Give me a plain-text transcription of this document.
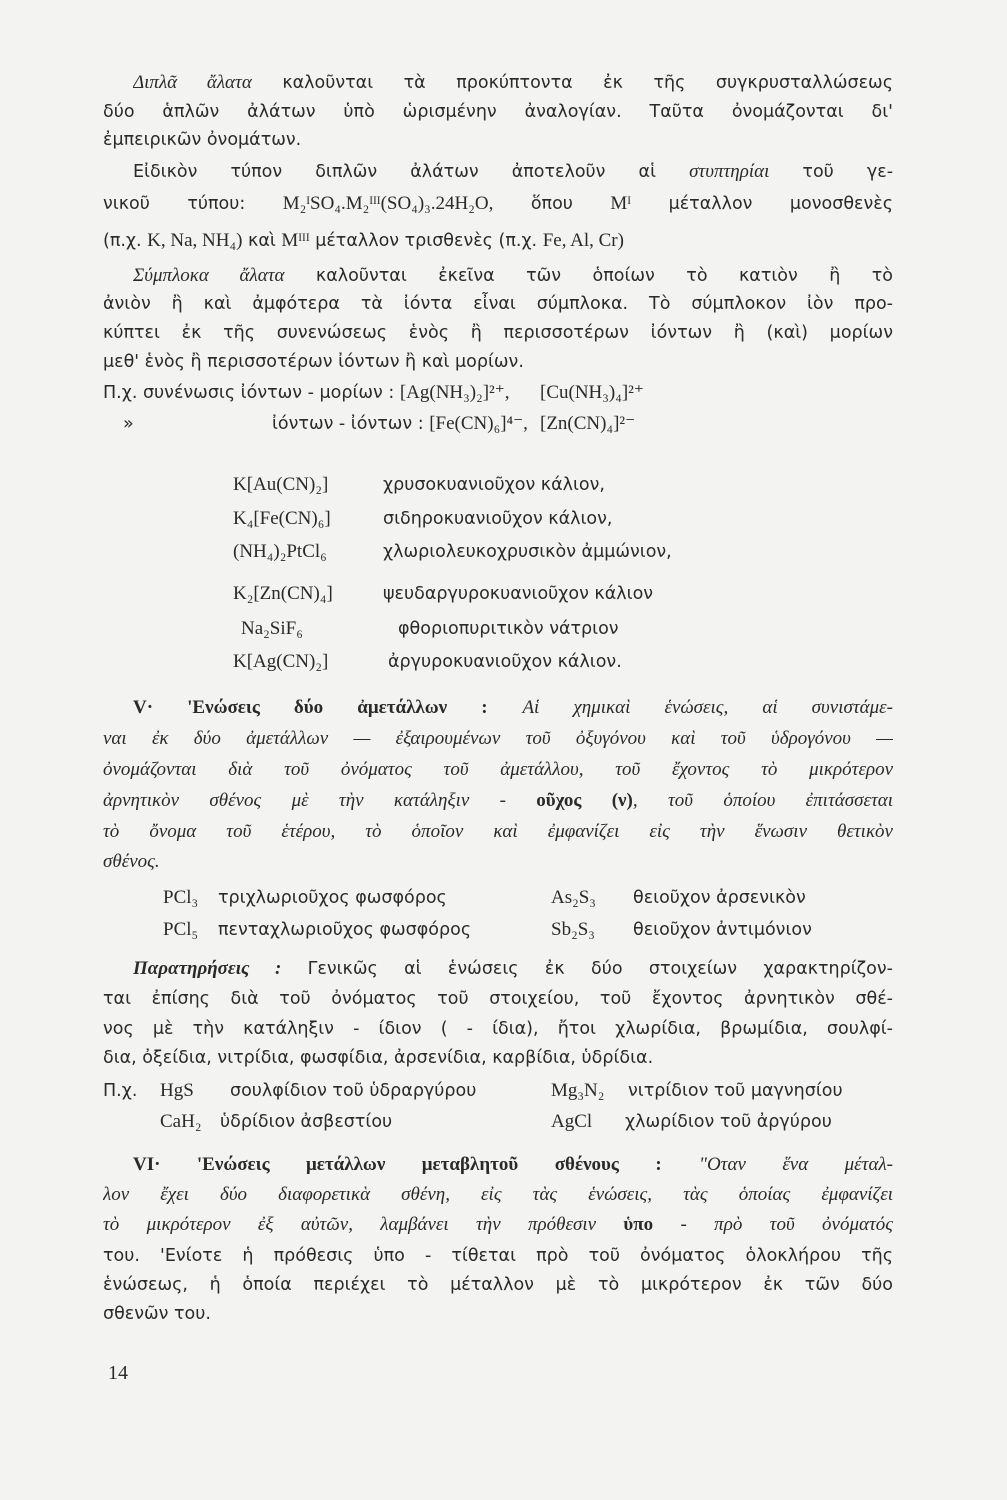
Διπλᾶ ἄλατα καλοῦνται τὰ προκύπτοντα ἐκ τῆς συγκρυσταλλώσεως
δύο ἁπλῶν ἀλάτων ὑπὸ ὡρισμένην ἀναλογίαν. Ταῦτα ὀνομάζονται δι'
ἐμπειρικῶν ὀνομάτων.
Εἰδικὸν τύπον διπλῶν ἀλάτων ἀποτελοῦν αἱ στυπτηρίαι τοῦ γε-
νικοῦ τύπου: M₂ᴵSO₄.M₂ᴵᴵᴵ(SO₄)₃.24H₂O, ὅπου Mᴵ μέταλλον μονοσθενὲς
(π.χ. K, Na, NH₄) καὶ Mᴵᴵᴵ μέταλλον τρισθενὲς (π.χ. Fe, Al, Cr)
Σύμπλοκα ἄλατα καλοῦνται ἐκεῖνα τῶν ὁποίων τὸ κατιὸν ἢ τὸ
ἀνιὸν ἢ καὶ ἀμφότερα τὰ ἰόντα εἶναι σύμπλοκα. Τὸ σύμπλοκον ἰὸν προ-
κύπτει ἐκ τῆς συνενώσεως ἑνὸς ἢ περισσοτέρων ἰόντων ἢ (καὶ) μορίων
μεθ' ἑνὸς ἢ περισσοτέρων ἰόντων ἢ καὶ μορίων.
Π.χ. συνένωσις ἰόντων - μορίων : [Ag(NH₃)₂]²⁺, [Cu(NH₃)₄]²⁺
»	ἰόντων - ἰόντων : [Fe(CN)₆]⁴⁻, [Zn(CN)₄]²⁻
K[Au(CN)₂]	χρυσοκυανιοῦχον κάλιον,
K₄[Fe(CN)₆]	σιδηροκυανιοῦχον κάλιον,
(NH₄)₂PtCl₆	χλωριολευκοχρυσικὸν ἀμμώνιον,
K₂[Zn(CN)₄]	ψευδαργυροκυανιοῦχον κάλιον
Na₂SiF₆	φθοριοπυριτικὸν νάτριον
K[Ag(CN)₂]	ἀργυροκυανιοῦχον κάλιον.
V· 'Ενώσεις δύο ἀμετάλλων : Αἱ χημικαὶ ἑνώσεις, αἱ συνιστάμε-
ναι ἐκ δύο ἀμετάλλων — ἐξαιρουμένων τοῦ ὀξυγόνου καὶ τοῦ ὑδρογόνου —
ὀνομάζονται διὰ τοῦ ὀνόματος τοῦ ἀμετάλλου, τοῦ ἔχοντος τὸ μικρότερον
ἀρνητικὸν σθένος μὲ τὴν κατάληξιν - οῦχος (ν), τοῦ ὁποίου ἐπιτάσσεται
τὸ ὄνομα τοῦ ἑτέρου, τὸ ὁποῖον καὶ ἐμφανίζει εἰς τὴν ἕνωσιν θετικὸν
σθένος.
PCl₃ τριχλωριοῦχος φωσφόρος	As₂S₃ θειοῦχον ἀρσενικὸν
PCl₅ πενταχλωριοῦχος φωσφόρος	Sb₂S₃ θειοῦχον ἀντιμόνιον
Παρατηρήσεις : Γενικῶς αἱ ἑνώσεις ἐκ δύο στοιχείων χαρακτηρίζον-
ται ἐπίσης διὰ τοῦ ὀνόματος τοῦ στοιχείου, τοῦ ἔχοντος ἀρνητικὸν σθέ-
νος μὲ τὴν κατάληξιν - ίδιον ( - ίδια), ἤτοι χλωρίδια, βρωμίδια, σουλφί-
δια, ὀξείδια, νιτρίδια, φωσφίδια, ἀρσενίδια, καρβίδια, ὑδρίδια.
Π.χ. HgS σουλφίδιον τοῦ ὑδραργύρου	Mg₃N₂ νιτρίδιον τοῦ μαγνησίου
CaH₂ ὑδρίδιον ἀσβεστίου	AgCl χλωρίδιον τοῦ ἀργύρου
VI· 'Ενώσεις μετάλλων μεταβλητοῦ σθένους : "Οταν ἕνα μέταλ-
λον ἔχει δύο διαφορετικὰ σθένη, εἰς τὰς ἑνώσεις, τὰς ὁποίας ἐμφανίζει
τὸ μικρότερον ἐξ αὐτῶν, λαμβάνει τὴν πρόθεσιν ὑπο - πρὸ τοῦ ὀνόματός
του. 'Ενίοτε ἡ πρόθεσις ὑπο - τίθεται πρὸ τοῦ ὀνόματος ὁλοκλήρου τῆς
ἑνώσεως, ἡ ὁποία περιέχει τὸ μέταλλον μὲ τὸ μικρότερον ἐκ τῶν δύο
σθενῶν του.
14
